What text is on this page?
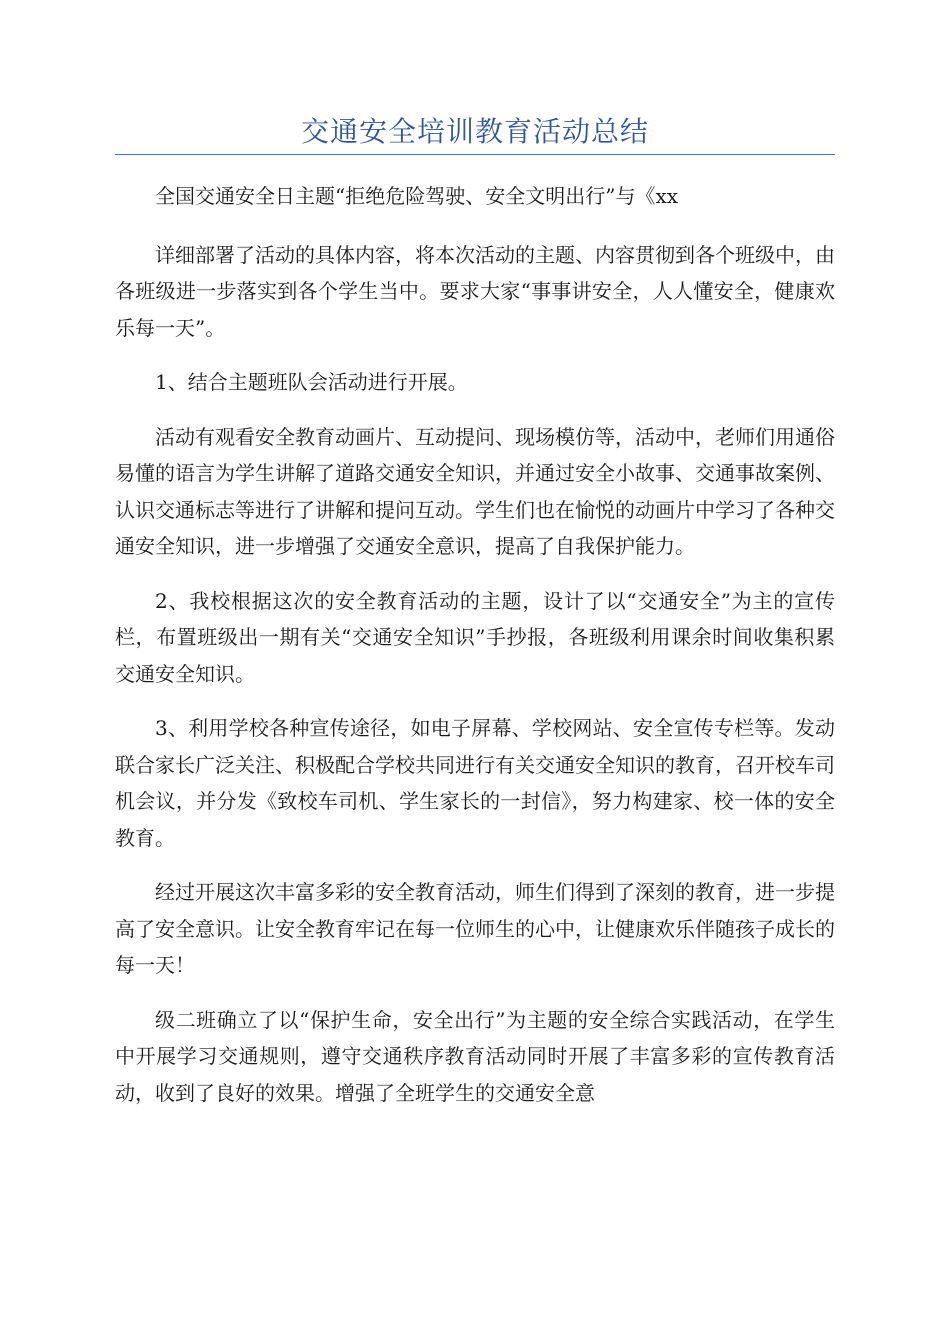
交通安全培训教育活动总结

全国交通安全日主题“拒绝危险驾驶、安全文明出行”与《xx

详细部署了活动的具体内容，将本次活动的主题、内容贯彻到各个班级中，由各班级进一步落实到各个学生当中。要求大家“事事讲安全，人人懂安全，健康欢乐每一天”。

1、结合主题班队会活动进行开展。

活动有观看安全教育动画片、互动提问、现场模仿等，活动中，老师们用通俗易懂的语言为学生讲解了道路交通安全知识，并通过安全小故事、交通事故案例、认识交通标志等进行了讲解和提问互动。学生们也在愉悦的动画片中学习了各种交通安全知识，进一步增强了交通安全意识，提高了自我保护能力。

2、我校根据这次的安全教育活动的主题，设计了以“交通安全”为主的宣传栏，布置班级出一期有关“交通安全知识”手抄报，各班级利用课余时间收集积累交通安全知识。

3、利用学校各种宣传途径，如电子屏幕、学校网站、安全宣传专栏等。发动联合家长广泛关注、积极配合学校共同进行有关交通安全知识的教育，召开校车司机会议，并分发《致校车司机、学生家长的一封信》，努力构建家、校一体的安全教育。

经过开展这次丰富多彩的安全教育活动，师生们得到了深刻的教育，进一步提高了安全意识。让安全教育牢记在每一位师生的心中，让健康欢乐伴随孩子成长的每一天！

级二班确立了以“保护生命，安全出行”为主题的安全综合实践活动，在学生中开展学习交通规则，遵守交通秩序教育活动同时开展了丰富多彩的宣传教育活动，收到了良好的效果。增强了全班学生的交通安全意
